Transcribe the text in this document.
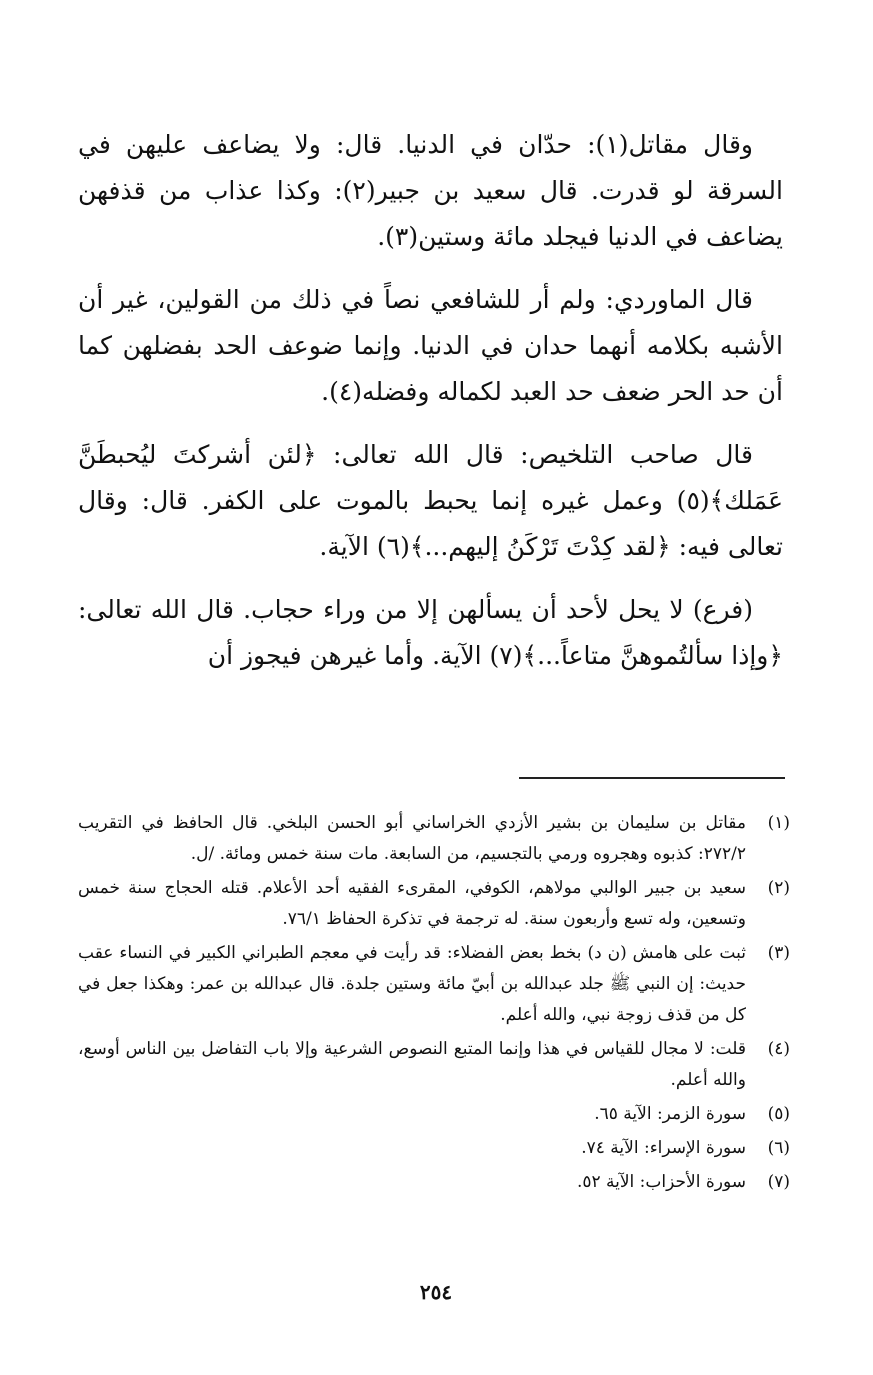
وقال مقاتل(١): حدّان في الدنيا. قال: ولا يضاعف عليهن في السرقة لو قدرت. قال سعيد بن جبير(٢): وكذا عذاب من قذفهن يضاعف في الدنيا فيجلد مائة وستين(٣).

قال الماوردي: ولم أر للشافعي نصاً في ذلك من القولين، غير أن الأشبه بكلامه أنهما حدان في الدنيا. وإنما ضوعف الحد بفضلهن كما أن حد الحر ضعف حد العبد لكماله وفضله(٤).

قال صاحب التلخيص: قال الله تعالى: ﴿لئن أشركتَ ليُحبطَنَّ عَمَلك﴾(٥) وعمل غيره إنما يحبط بالموت على الكفر. قال: وقال تعالى فيه: ﴿لقد كِدْتَ تَرْكَنُ إليهم...﴾(٦) الآية.

(فرع) لا يحل لأحد أن يسألهن إلا من وراء حجاب. قال الله تعالى: ﴿وإذا سألتُموهنَّ متاعاً...﴾(٧) الآية. وأما غيرهن فيجوز أن

(١)
مقاتل بن سليمان بن بشير الأزدي الخراساني أبو الحسن البلخي. قال الحافظ في التقريب ٢٧٢/٢: كذبوه وهجروه ورمي بالتجسيم، من السابعة. مات سنة خمس ومائة. /ل.
(٢)
سعيد بن جبير الوالبي مولاهم، الكوفي، المقرىء الفقيه أحد الأعلام. قتله الحجاج سنة خمس وتسعين، وله تسع وأربعون سنة. له ترجمة في تذكرة الحفاظ ٧٦/١.
(٣)
ثبت على هامش (ن د) بخط بعض الفضلاء: قد رأيت في معجم الطبراني الكبير في النساء عقب حديث: إن النبي ﷺ جلد عبدالله بن أبيّ مائة وستين جلدة. قال عبدالله بن عمر: وهكذا جعل في كل من قذف زوجة نبي، والله أعلم.
(٤)
قلت: لا مجال للقياس في هذا وإنما المتبع النصوص الشرعية وإلا باب التفاضل بين الناس أوسع، والله أعلم.
(٥)
سورة الزمر: الآية ٦٥.
(٦)
سورة الإسراء: الآية ٧٤.
(٧)
سورة الأحزاب: الآية ٥٢.
٢٥٤
